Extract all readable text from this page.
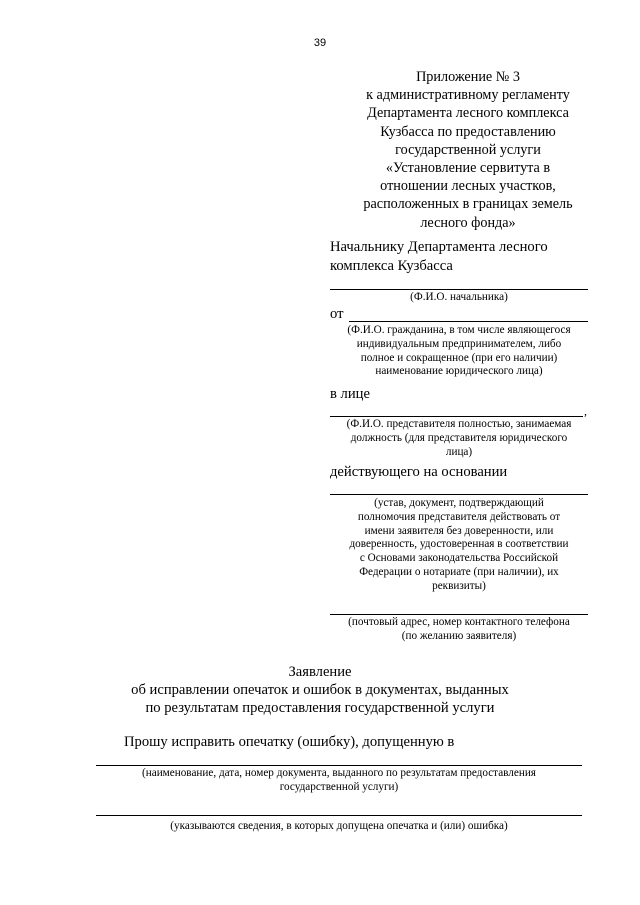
39
Приложение № 3
к административному регламенту
Департамента лесного комплекса
Кузбасса по предоставлению
государственной услуги
«Установление сервитута в
отношении лесных участков,
расположенных в границах земель
лесного фонда»
Начальнику Департамента лесного
комплекса Кузбасса
(Ф.И.О. начальника)
от
(Ф.И.О. гражданина, в том числе являющегося
индивидуальным предпринимателем, либо
полное и сокращенное (при его наличии)
наименование юридического лица)
в лице
,
(Ф.И.О. представителя полностью, занимаемая
должность (для представителя юридического
лица)
действующего на основании
(устав, документ, подтверждающий
полномочия представителя действовать от
имени заявителя без доверенности, или
доверенность, удостоверенная в соответствии
с Основами законодательства Российской
Федерации о нотариате (при наличии), их
реквизиты)
(почтовый адрес, номер контактного телефона
(по желанию заявителя)
Заявление
об исправлении опечаток и ошибок в документах, выданных
по результатам предоставления государственной услуги
Прошу исправить опечатку (ошибку), допущенную в
(наименование, дата, номер документа, выданного по результатам предоставления
государственной услуги)
(указываются сведения, в которых допущена опечатка и (или) ошибка)
